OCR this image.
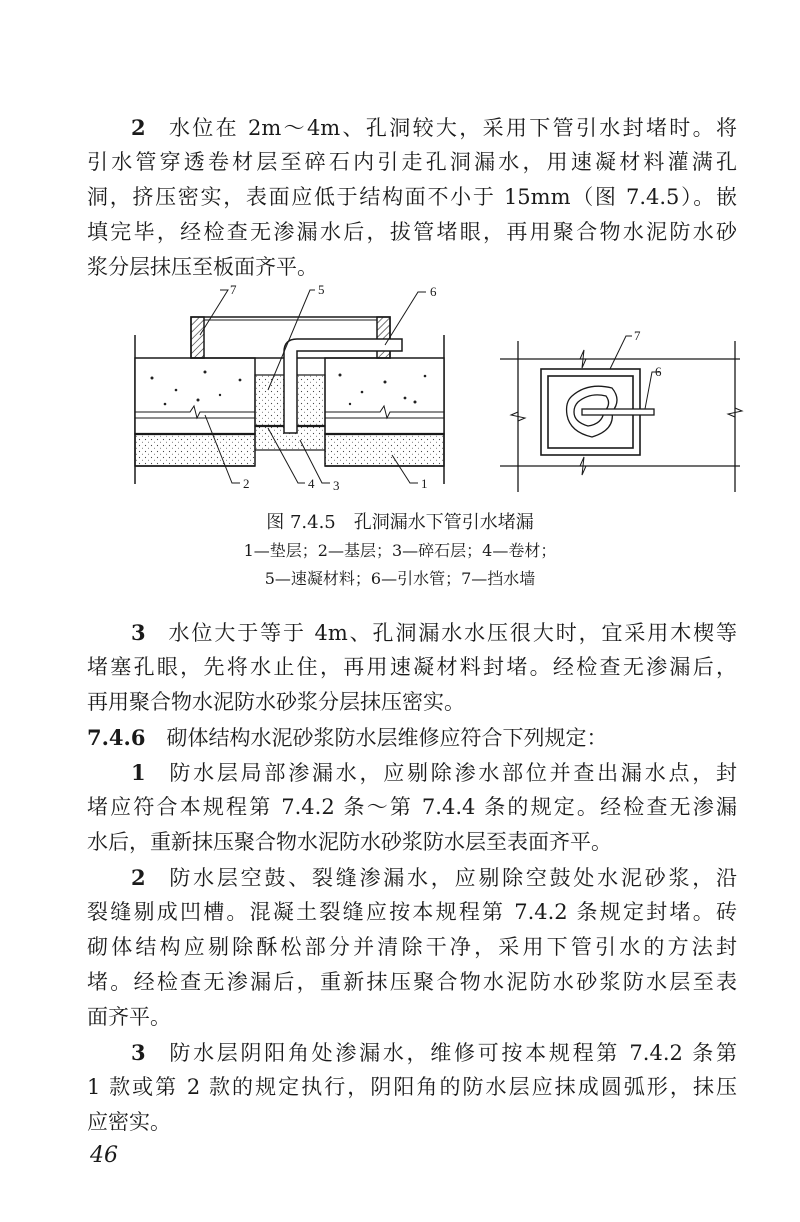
2  水位在 2m～4m、孔洞较大，采用下管引水封堵时。将
引水管穿透卷材层至碎石内引走孔洞漏水，用速凝材料灌满孔
洞，挤压密实，表面应低于结构面不小于 15mm（图 7.4.5）。嵌
填完毕，经检查无渗漏水后，拔管堵眼，再用聚合物水泥防水砂
浆分层抹压至板面齐平。
3  水位大于等于 4m、孔洞漏水水压很大时，宜采用木楔等
堵塞孔眼，先将水止住，再用速凝材料封堵。经检查无渗漏后，
再用聚合物水泥防水砂浆分层抹压密实。
7.4.6  砌体结构水泥砂浆防水层维修应符合下列规定：
1  防水层局部渗漏水，应剔除渗水部位并查出漏水点，封
堵应符合本规程第 7.4.2 条～第 7.4.4 条的规定。经检查无渗漏
水后，重新抹压聚合物水泥防水砂浆防水层至表面齐平。
2  防水层空鼓、裂缝渗漏水，应剔除空鼓处水泥砂浆，沿
裂缝剔成凹槽。混凝土裂缝应按本规程第 7.4.2 条规定封堵。砖
砌体结构应剔除酥松部分并清除干净，采用下管引水的方法封
堵。经检查无渗漏后，重新抹压聚合物水泥防水砂浆防水层至表
面齐平。
3  防水层阴阳角处渗漏水，维修可按本规程第 7.4.2 条第
1 款或第 2 款的规定执行，阴阳角的防水层应抹成圆弧形，抹压
应密实。
7	5	6
2	4 3	1
7
6
图 7.4.5　孔洞漏水下管引水堵漏
1—垫层；2—基层；3—碎石层；4—卷材；
5—速凝材料；6—引水管；7—挡水墙
46
